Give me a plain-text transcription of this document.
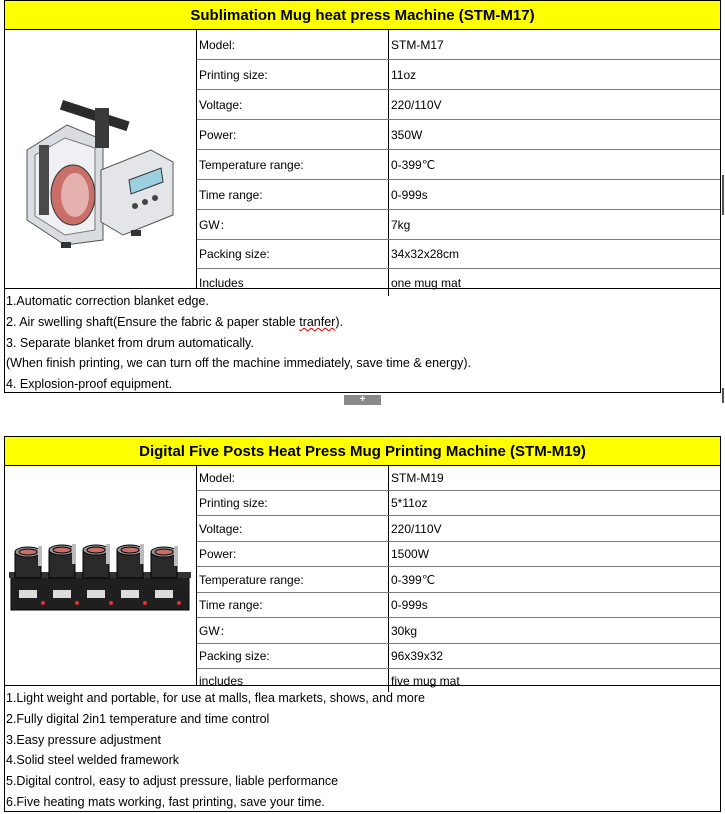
Sublimation Mug heat press Machine (STM-M17)
Model:	STM-M17
Printing size:	11oz
Voltage:	220/110V
Power:	350W
Temperature range:	0-399℃
Time range:	0-999s
GW：	7kg
Packing size:	34x32x28cm
Includes	one mug mat
1.Automatic correction blanket edge.
2. Air swelling shaft(Ensure the fabric & paper stable tranfer).
3. Separate blanket from drum automatically.
(When finish printing, we can turn off the machine immediately, save time & energy).
4. Explosion-proof equipment.
+
Digital Five Posts Heat Press Mug Printing Machine (STM-M19)
Model:	STM-M19
Printing size:	5*11oz
Voltage:	220/110V
Power:	1500W
Temperature range:	0-399℃
Time range:	0-999s
GW：	30kg
Packing size:	96x39x32
includes	five mug mat
1.Light weight and portable, for use at malls, flea markets, shows, and more
2.Fully digital 2in1 temperature and time control
3.Easy pressure adjustment
4.Solid steel welded framework
5.Digital control, easy to adjust pressure, liable performance
6.Five heating mats working, fast printing, save your time.
